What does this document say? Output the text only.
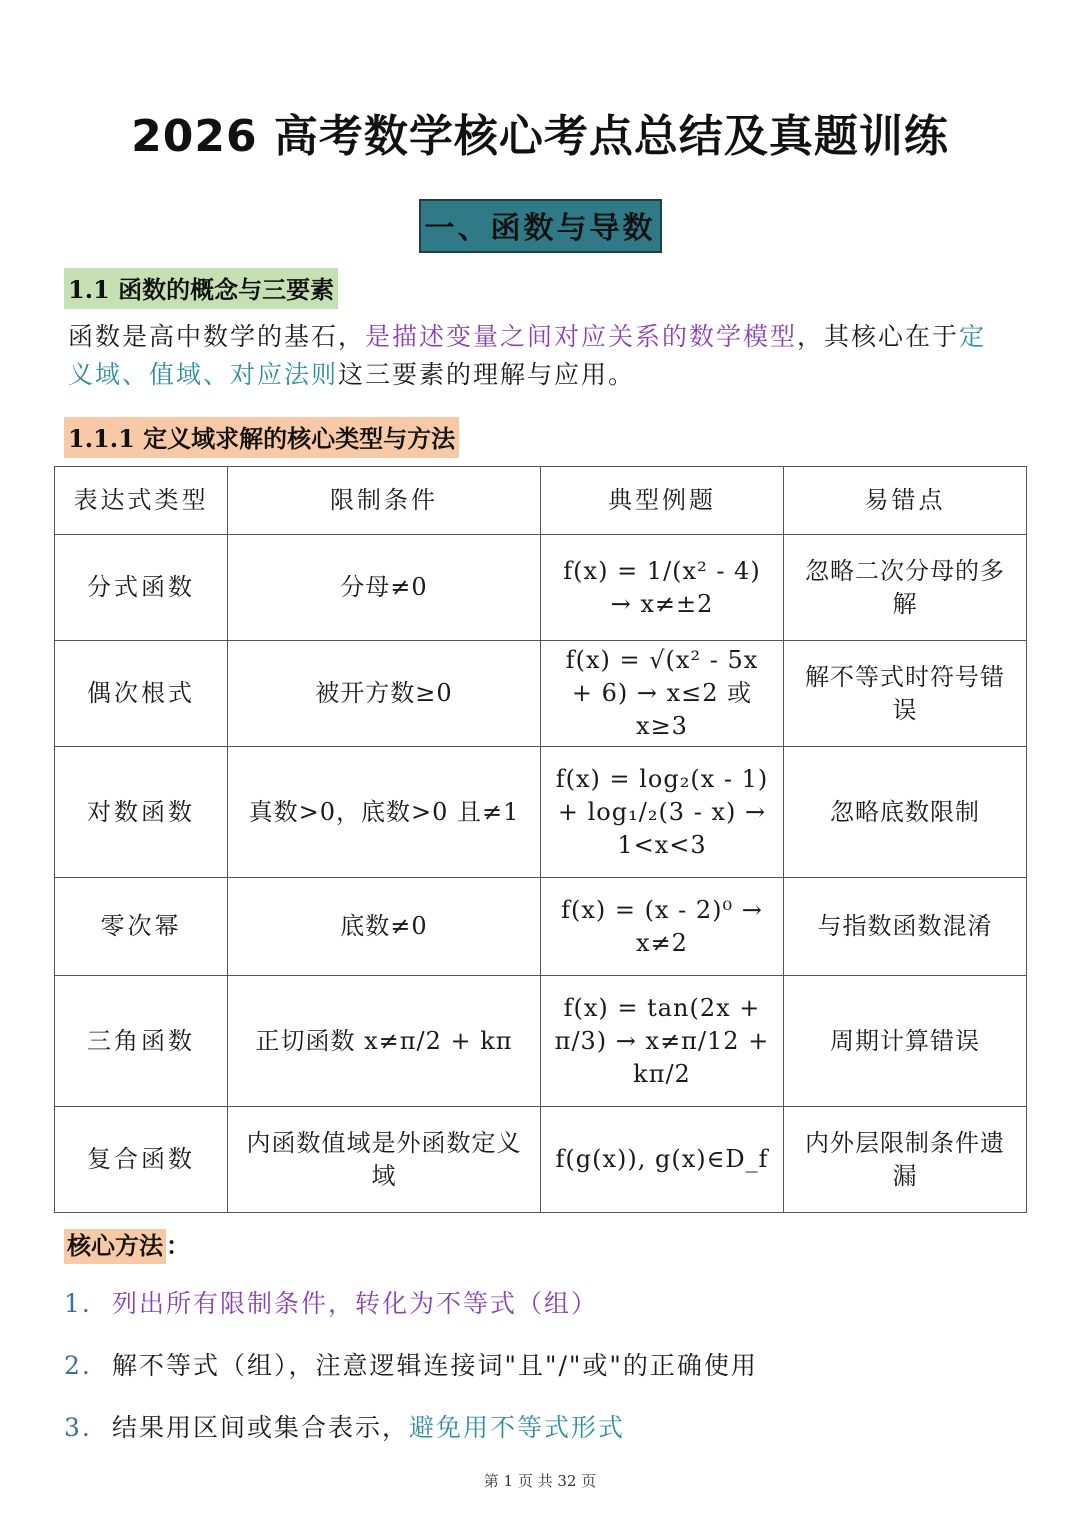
2026 高考数学核心考点总结及真题训练
一、函数与导数
1.1 函数的概念与三要素

函数是高中数学的基石，是描述变量之间对应关系的数学模型，其核心在于定义域、值域、对应法则这三要素的理解与应用。

1.1.1 定义域求解的核心类型与方法
表达式类型	限制条件	典型例题	易错点
分式函数	分母≠0	f(x) = 1/(x² - 4) → x≠±2	忽略二次分母的多解
偶次根式	被开方数≥0	f(x) = √(x² - 5x + 6) → x≤2 或 x≥3	解不等式时符号错误
对数函数	真数>0，底数>0 且≠1	f(x) = log₂(x - 1) + log₁/₂(3 - x) → 1<x<3	忽略底数限制
零次幂	底数≠0	f(x) = (x - 2)⁰ → x≠2	与指数函数混淆
三角函数	正切函数 x≠π/2 + kπ	f(x) = tan(2x + π/3) → x≠π/12 + kπ/2	周期计算错误
复合函数	内函数值域是外函数定义域	f(g(x)), g(x)∈D_f	内外层限制条件遗漏
核心方法 ：
1. 列出所有限制条件，转化为不等式（组）
2. 解不等式（组），注意逻辑连接词"且"/"或"的正确使用
3. 结果用区间或集合表示，避免用不等式形式
第 1 页 共 32 页
